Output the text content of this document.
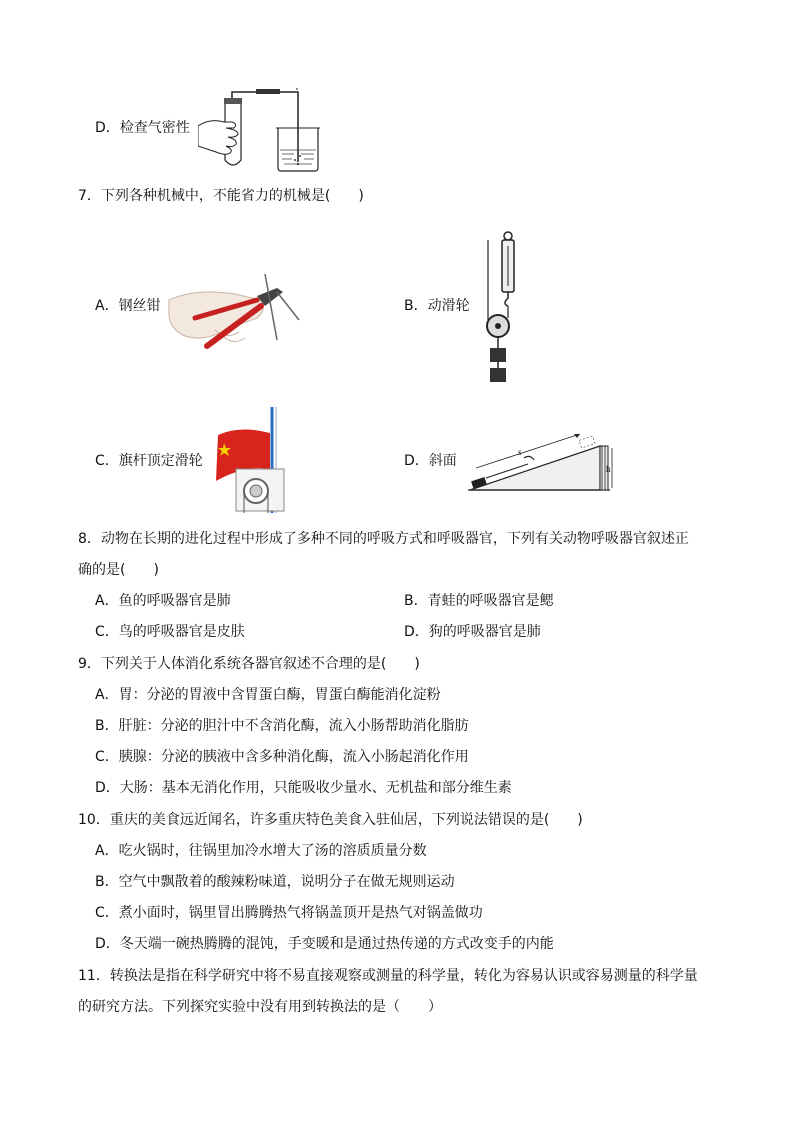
D．检查气密性
7．下列各种机械中，不能省力的机械是(　　)
A．钢丝钳	B．动滑轮
C．旗杆顶定滑轮	D．斜面
s
h
8．动物在长期的进化过程中形成了多种不同的呼吸方式和呼吸器官，下列有关动物呼吸器官叙述正
确的是(　　)
A．鱼的呼吸器官是肺	B．青蛙的呼吸器官是鳃
C．鸟的呼吸器官是皮肤	D．狗的呼吸器官是肺
9．下列关于人体消化系统各器官叙述不合理的是(　　)
A．胃：分泌的胃液中含胃蛋白酶，胃蛋白酶能消化淀粉
B．肝脏：分泌的胆汁中不含消化酶，流入小肠帮助消化脂肪
C．胰腺：分泌的胰液中含多种消化酶，流入小肠起消化作用
D．大肠：基本无消化作用，只能吸收少量水、无机盐和部分维生素
10．重庆的美食远近闻名，许多重庆特色美食入驻仙居，下列说法错误的是(　　)
A．吃火锅时，往锅里加冷水增大了汤的溶质质量分数
B．空气中飘散着的酸辣粉味道，说明分子在做无规则运动
C．煮小面时，锅里冒出腾腾热气将锅盖顶开是热气对锅盖做功
D．冬天端一碗热腾腾的混饨，手变暖和是通过热传递的方式改变手的内能
11．转换法是指在科学研究中将不易直接观察或测量的科学量，转化为容易认识或容易测量的科学量
的研究方法。下列探究实验中没有用到转换法的是（　　）
